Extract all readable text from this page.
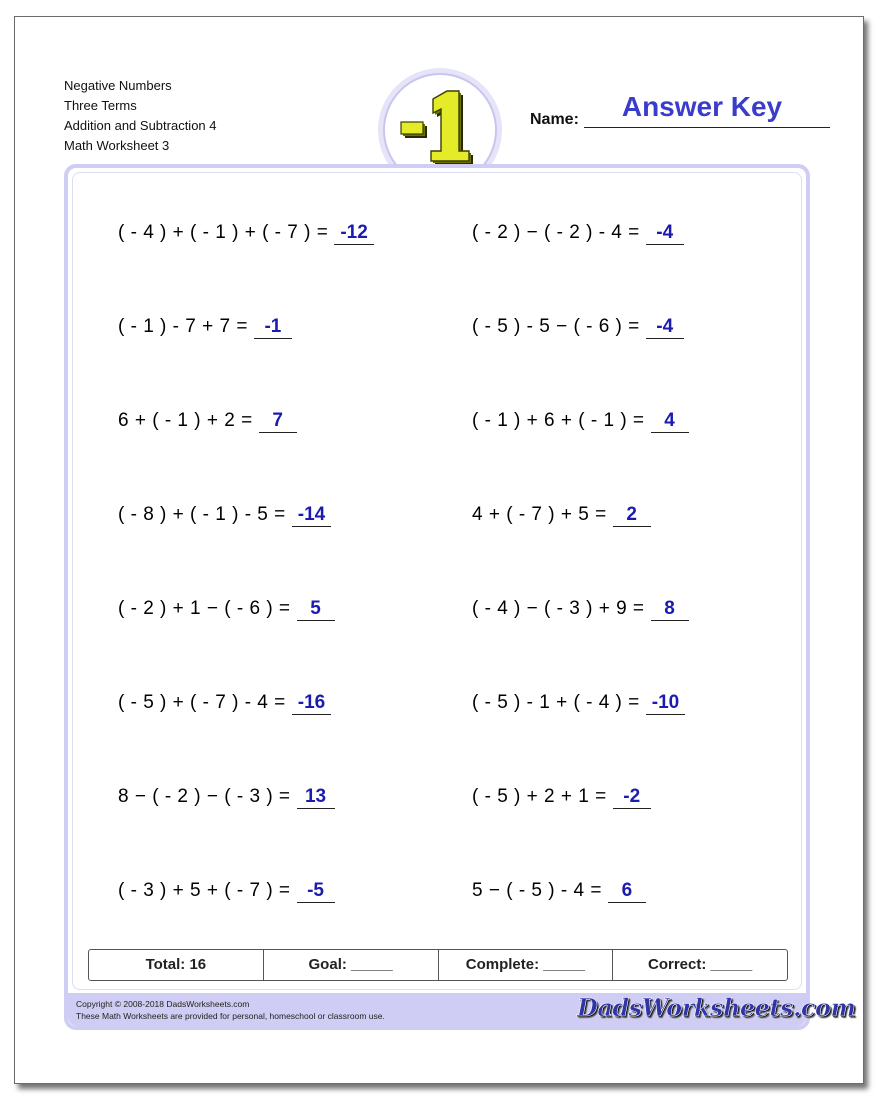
Negative Numbers
Three Terms
Addition and Subtraction 4
Math Worksheet 3
Name:	Answer Key
( - 4 ) + ( - 1 ) + ( - 7 ) = -12
( - 1 ) - 7 + 7 = -1
6 + ( - 1 ) + 2 = 7
( - 8 ) + ( - 1 ) - 5 = -14
( - 2 ) + 1 − ( - 6 ) = 5
( - 5 ) + ( - 7 ) - 4 = -16
8 − ( - 2 ) − ( - 3 ) = 13
( - 3 ) + 5 + ( - 7 ) = -5
( - 2 ) − ( - 2 ) - 4 = -4
( - 5 ) - 5 − ( - 6 ) = -4
( - 1 ) + 6 + ( - 1 ) = 4
4 + ( - 7 ) + 5 = 2
( - 4 ) − ( - 3 ) + 9 = 8
( - 5 ) - 1 + ( - 4 ) = -10
( - 5 ) + 2 + 1 = -2
5 − ( - 5 ) - 4 = 6
Total: 16	Goal: _____	Complete: _____	Correct: _____
Copyright © 2008-2018 DadsWorksheets.com
These Math Worksheets are provided for personal, homeschool or classroom use.	DadsWorksheets.com
